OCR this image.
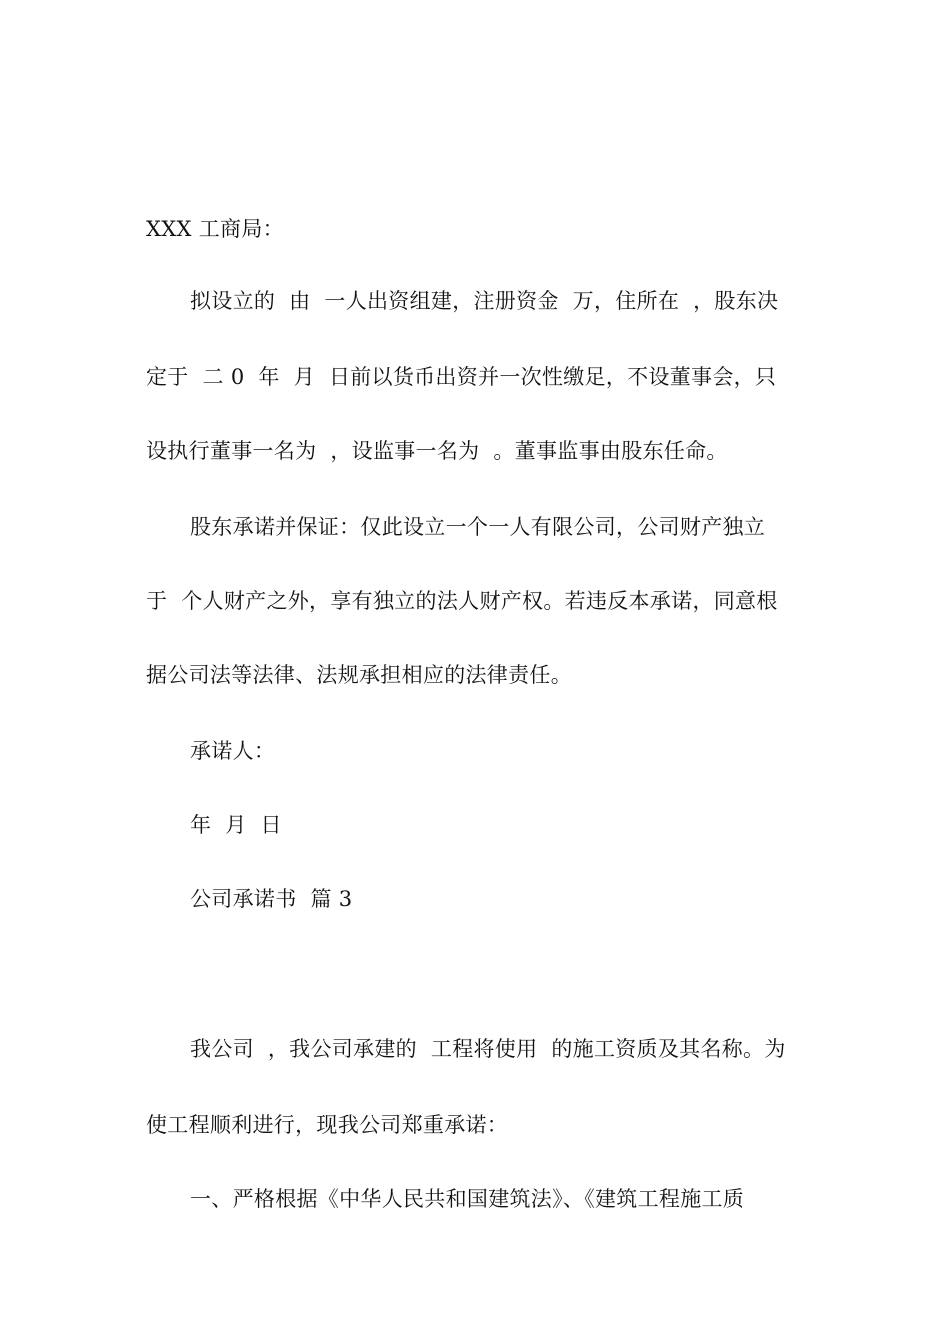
XXX 工商局：
拟设立的  由  一人出资组建，注册资金  万，住所在  ，股东决
定于  二 0  年  月  日前以货币出资并一次性缴足，不设董事会，只
设执行董事一名为  ，设监事一名为  。董事监事由股东任命。
股东承诺并保证：仅此设立一个一人有限公司，公司财产独立
于  个人财产之外，享有独立的法人财产权。若违反本承诺，同意根
据公司法等法律、法规承担相应的法律责任。
承诺人：
年  月  日
公司承诺书  篇 3
我公司  ，我公司承建的  工程将使用  的施工资质及其名称。为
使工程顺利进行，现我公司郑重承诺：
一、严格根据《中华人民共和国建筑法》、《建筑工程施工质
